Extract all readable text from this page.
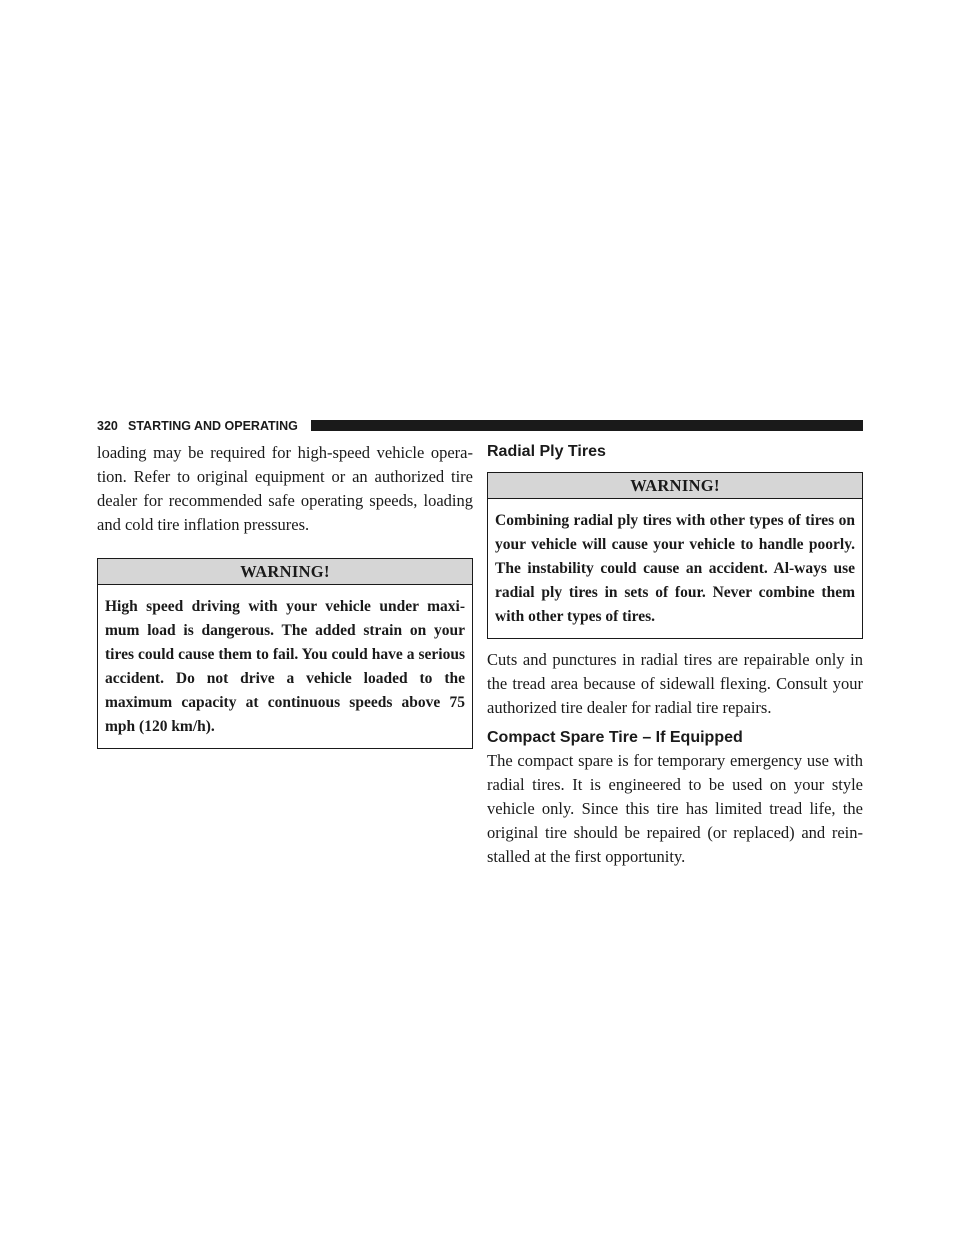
320 STARTING AND OPERATING

loading may be required for high-speed vehicle opera-tion. Refer to original equipment or an authorized tire dealer for recommended safe operating speeds, loading and cold tire inflation pressures.

WARNING!
High speed driving with your vehicle under maxi-mum load is dangerous. The added strain on your tires could cause them to fail. You could have a serious accident. Do not drive a vehicle loaded to the maximum capacity at continuous speeds above 75 mph (120 km/h).
Radial Ply Tires
WARNING!
Combining radial ply tires with other types of tires on your vehicle will cause your vehicle to handle poorly. The instability could cause an accident. Al-ways use radial ply tires in sets of four. Never combine them with other types of tires.

Cuts and punctures in radial tires are repairable only in the tread area because of sidewall flexing. Consult your authorized tire dealer for radial tire repairs.

Compact Spare Tire – If Equipped

The compact spare is for temporary emergency use with radial tires. It is engineered to be used on your style vehicle only. Since this tire has limited tread life, the original tire should be repaired (or replaced) and rein-stalled at the first opportunity.
